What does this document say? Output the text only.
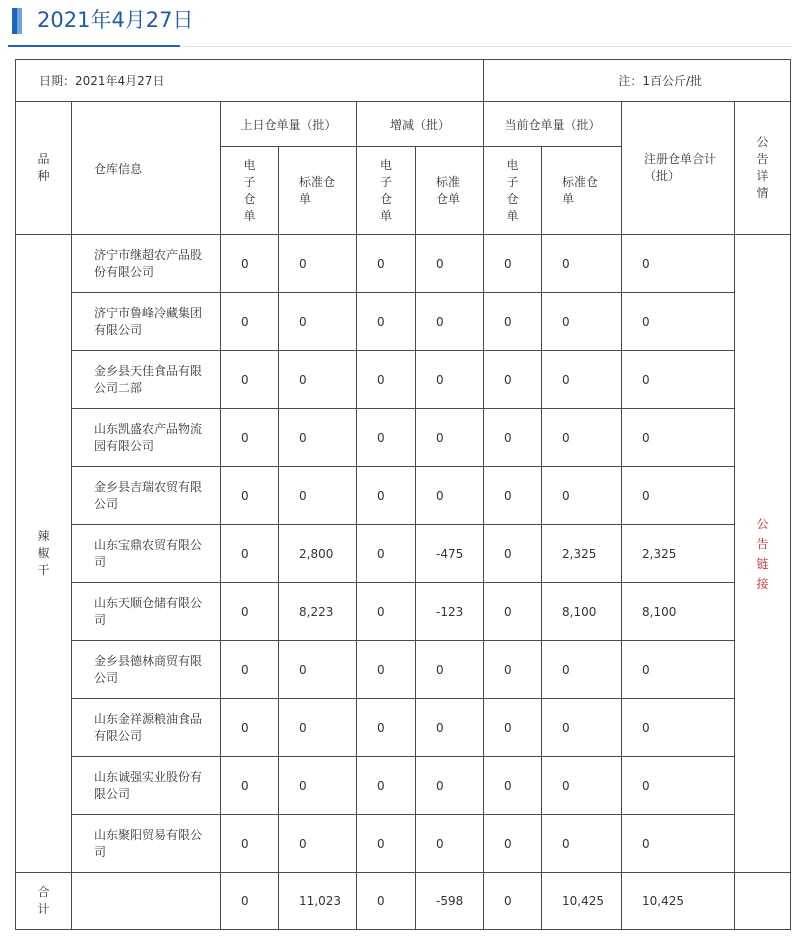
2021年4月27日
日期：2021年4月27日						注：1百公斤/批			
品种	仓库信息	上日仓单量（批）		增减（批）		当前仓单量（批）		注册仓单合计（批）	公告详情
		电子仓单	标准仓单	电子仓单	标准仓单	电子仓单	标准仓单		
辣椒干	济宁市继超农产品股份有限公司	0	0	0	0	0	0	0	公告链接
	济宁市鲁峰冷藏集团有限公司	0	0	0	0	0	0	0	
	金乡县天佳食品有限公司二部	0	0	0	0	0	0	0	
	山东凯盛农产品物流园有限公司	0	0	0	0	0	0	0	
	金乡县吉瑞农贸有限公司	0	0	0	0	0	0	0	
	山东宝鼎农贸有限公司	0	2,800	0	-475	0	2,325	2,325	
	山东天顺仓储有限公司	0	8,223	0	-123	0	8,100	8,100	
	金乡县德林商贸有限公司	0	0	0	0	0	0	0	
	山东金祥源粮油食品有限公司	0	0	0	0	0	0	0	
	山东诚强实业股份有限公司	0	0	0	0	0	0	0	
	山东聚阳贸易有限公司	0	0	0	0	0	0	0	
合计		0	11,023	0	-598	0	10,425	10,425	
